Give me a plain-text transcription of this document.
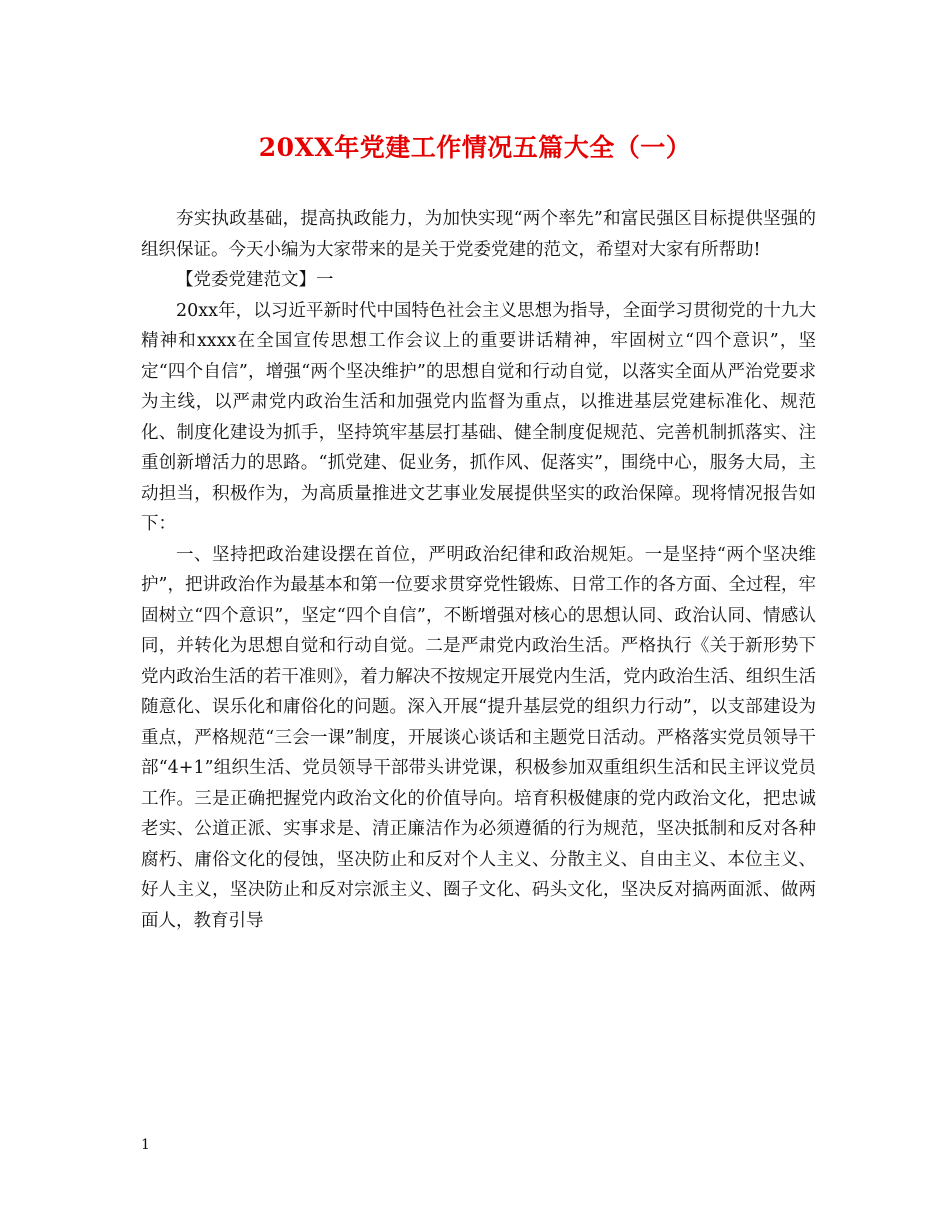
20XX年党建工作情况五篇大全（一）

夯实执政基础，提高执政能力，为加快实现“两个率先”和富民强区目标提供坚强的组织保证。今天小编为大家带来的是关于党委党建的范文，希望对大家有所帮助!

【党委党建范文】一

20xx年，以习近平新时代中国特色社会主义思想为指导，全面学习贯彻党的十九大精神和xxxx在全国宣传思想工作会议上的重要讲话精神，牢固树立“四个意识”，坚定“四个自信”，增强“两个坚决维护”的思想自觉和行动自觉，以落实全面从严治党要求为主线，以严肃党内政治生活和加强党内监督为重点，以推进基层党建标准化、规范化、制度化建设为抓手，坚持筑牢基层打基础、健全制度促规范、完善机制抓落实、注重创新增活力的思路。“抓党建、促业务，抓作风、促落实”，围绕中心，服务大局，主动担当，积极作为，为高质量推进文艺事业发展提供坚实的政治保障。现将情况报告如下：

一、坚持把政治建设摆在首位，严明政治纪律和政治规矩。一是坚持“两个坚决维护”，把讲政治作为最基本和第一位要求贯穿党性锻炼、日常工作的各方面、全过程，牢固树立“四个意识”，坚定“四个自信”，不断增强对核心的思想认同、政治认同、情感认同，并转化为思想自觉和行动自觉。二是严肃党内政治生活。严格执行《关于新形势下党内政治生活的若干准则》，着力解决不按规定开展党内生活，党内政治生活、组织生活随意化、误乐化和庸俗化的问题。深入开展“提升基层党的组织力行动”，以支部建设为重点，严格规范“三会一课”制度，开展谈心谈话和主题党日活动。严格落实党员领导干部“4+1”组织生活、党员领导干部带头讲党课，积极参加双重组织生活和民主评议党员工作。三是正确把握党内政治文化的价值导向。培育积极健康的党内政治文化，把忠诚老实、公道正派、实事求是、清正廉洁作为必须遵循的行为规范，坚决抵制和反对各种腐朽、庸俗文化的侵蚀，坚决防止和反对个人主义、分散主义、自由主义、本位主义、好人主义，坚决防止和反对宗派主义、圈子文化、码头文化，坚决反对搞两面派、做两面人，教育引导

1
